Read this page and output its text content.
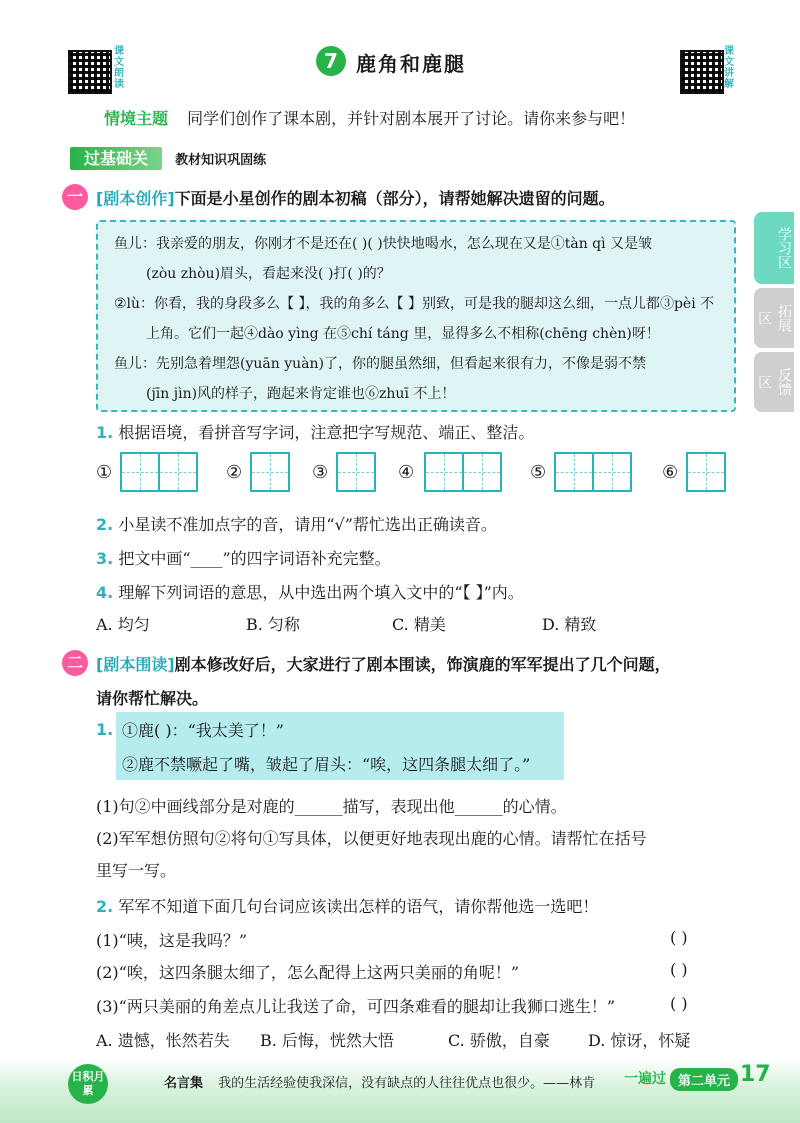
课文朗读
7 鹿角和鹿腿
课文讲解
情境主题 同学们创作了课本剧，并针对剧本展开了讨论。请你来参与吧！
过基础关 教材知识巩固练
一 [剧本创作]下面是小星创作的剧本初稿（部分），请帮她解决遗留的问题。
鱼儿：我亲爱的朋友，你刚才不是还在( )( )快快地喝水，怎么现在又是①tàn qì 又是皱
(zòu zhòu)眉头，看起来没( )打( )的？
②lù：你看，我的身段多么【 】，我的角多么【 】别致，可是我的腿却这么细，一点儿都③pèi 不
上角。它们一起④dào yìng 在⑤chí táng 里，显得多么不相称(chēng chèn)呀！
鱼儿：先别急着埋怨(yuān yuàn)了，你的腿虽然细，但看起来很有力，不像是弱不禁
(jīn jìn)风的样子，跑起来肯定谁也⑥zhuī 不上！
1. 根据语境，看拼音写字词，注意把字写规范、端正、整洁。
①	②	③	④	⑤	⑥
2. 小星读不准加点字的音，请用“√”帮忙选出正确读音。
3. 把文中画“____”的四字词语补充完整。
4. 理解下列词语的意思，从中选出两个填入文中的“【 】”内。
A. 均匀	B. 匀称	C. 精美	D. 精致
二 [剧本围读]剧本修改好后，大家进行了剧本围读，饰演鹿的军军提出了几个问题，
请你帮忙解决。
1. ①鹿( )：“我太美了！”
②鹿不禁噘起了嘴，皱起了眉头：“唉，这四条腿太细了。”
(1)句②中画线部分是对鹿的______描写，表现出他______的心情。
(2)军军想仿照句②将句①写具体，以便更好地表现出鹿的心情。请帮忙在括号
里写一写。
2. 军军不知道下面几句台词应该读出怎样的语气，请你帮他选一选吧！
(1)“咦，这是我吗？”	( )
(2)“唉，这四条腿太细了，怎么配得上这两只美丽的角呢！”	( )
(3)“两只美丽的角差点儿让我送了命，可四条难看的腿却让我狮口逃生！”	( )
A. 遗憾，怅然若失 B. 后悔，恍然大悟	C. 骄傲，自豪 D. 惊讶，怀疑
学习区
拓展区
反馈区
日积月累	名言集 我的生活经验使我深信，没有缺点的人往往优点也很少。——林肯 一遍过 第二单元 17
